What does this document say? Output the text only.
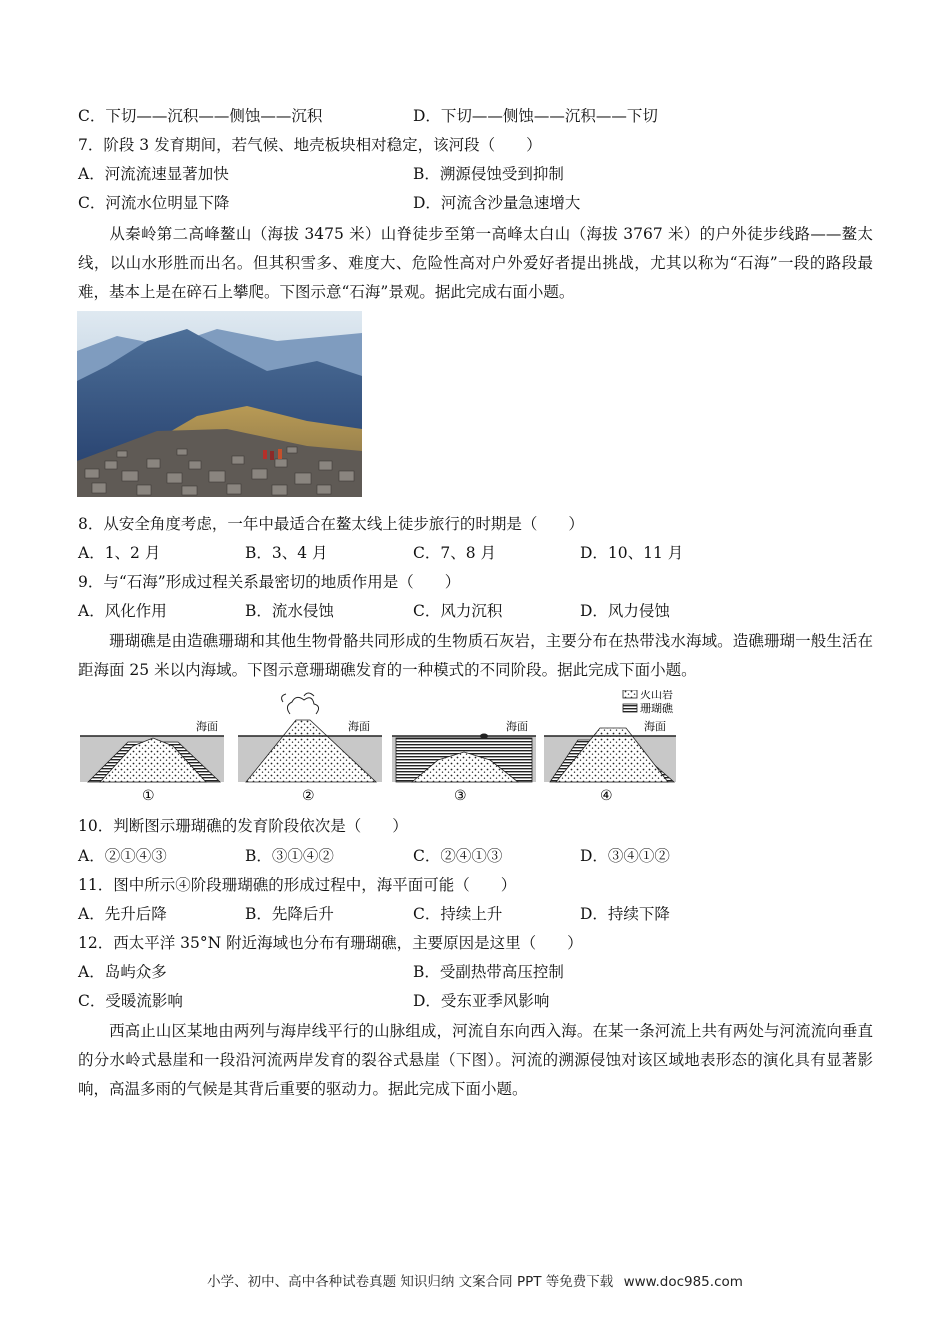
C．下切——沉积——侧蚀——沉积	D．下切——侧蚀——沉积——下切
7．阶段 3 发育期间，若气候、地壳板块相对稳定，该河段（　　）
A．河流流速显著加快	B．溯源侵蚀受到抑制
C．河流水位明显下降	D．河流含沙量急速增大
从秦岭第二高峰鳌山（海拔 3475 米）山脊徒步至第一高峰太白山（海拔 3767 米）的户外徒步线路——鳌太线，以山水形胜而出名。但其积雪多、难度大、危险性高对户外爱好者提出挑战，尤其以称为“石海”一段的路段最难，基本上是在碎石上攀爬。下图示意“石海”景观。据此完成右面小题。
8．从安全角度考虑，一年中最适合在鳌太线上徒步旅行的时期是（　　）
A．1、2 月	B．3、4 月	C．7、8 月	D．10、11 月
9．与“石海”形成过程关系最密切的地质作用是（　　）
A．风化作用	B．流水侵蚀	C．风力沉积	D．风力侵蚀
珊瑚礁是由造礁珊瑚和其他生物骨骼共同形成的生物质石灰岩，主要分布在热带浅水海域。造礁珊瑚一般生活在距海面 25 米以内海域。下图示意珊瑚礁发育的一种模式的不同阶段。据此完成下面小题。
海面	海面	海面	海面
火山岩
珊瑚礁
①	②	③	④
10．判断图示珊瑚礁的发育阶段依次是（　　）
A．②①④③	B．③①④②	C．②④①③	D．③④①②
11．图中所示④阶段珊瑚礁的形成过程中，海平面可能（　　）
A．先升后降	B．先降后升	C．持续上升	D．持续下降
12．西太平洋 35°N 附近海域也分布有珊瑚礁，主要原因是这里（　　）
A．岛屿众多	B．受副热带高压控制
C．受暖流影响	D．受东亚季风影响
西高止山区某地由两列与海岸线平行的山脉组成，河流自东向西入海。在某一条河流上共有两处与河流流向垂直的分水岭式悬崖和一段沿河流两岸发育的裂谷式悬崖（下图）。河流的溯源侵蚀对该区域地表形态的演化具有显著影响，高温多雨的气候是其背后重要的驱动力。据此完成下面小题。
小学、初中、高中各种试卷真题 知识归纳 文案合同 PPT 等免费下载 www.doc985.com
